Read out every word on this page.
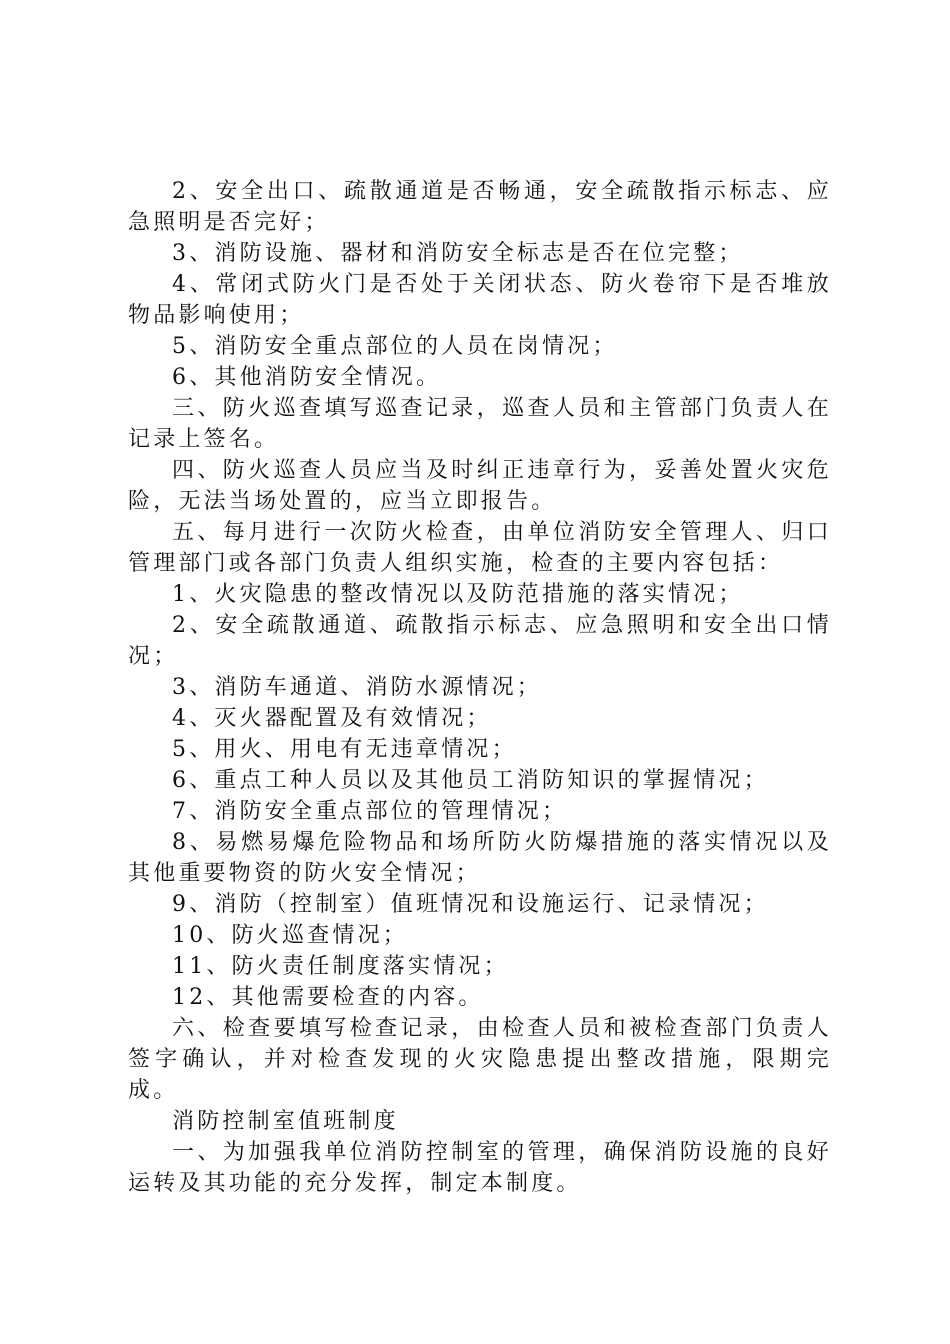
2、安全出口、疏散通道是否畅通，安全疏散指示标志、应急照明是否完好；

3、消防设施、器材和消防安全标志是否在位完整；

4、常闭式防火门是否处于关闭状态、防火卷帘下是否堆放物品影响使用；

5、消防安全重点部位的人员在岗情况；

6、其他消防安全情况。

三、防火巡查填写巡查记录，巡查人员和主管部门负责人在记录上签名。

四、防火巡查人员应当及时纠正违章行为，妥善处置火灾危险，无法当场处置的，应当立即报告。

五、每月进行一次防火检查，由单位消防安全管理人、归口管理部门或各部门负责人组织实施，检查的主要内容包括：

1、火灾隐患的整改情况以及防范措施的落实情况；

2、安全疏散通道、疏散指示标志、应急照明和安全出口情况；

3、消防车通道、消防水源情况；

4、灭火器配置及有效情况；

5、用火、用电有无违章情况；

6、重点工种人员以及其他员工消防知识的掌握情况；

7、消防安全重点部位的管理情况；

8、易燃易爆危险物品和场所防火防爆措施的落实情况以及其他重要物资的防火安全情况；

9、消防（控制室）值班情况和设施运行、记录情况；

10、防火巡查情况；

11、防火责任制度落实情况；

12、其他需要检查的内容。

六、检查要填写检查记录，由检查人员和被检查部门负责人签字确认，并对检查发现的火灾隐患提出整改措施，限期完成。

消防控制室值班制度

一、为加强我单位消防控制室的管理，确保消防设施的良好运转及其功能的充分发挥，制定本制度。
